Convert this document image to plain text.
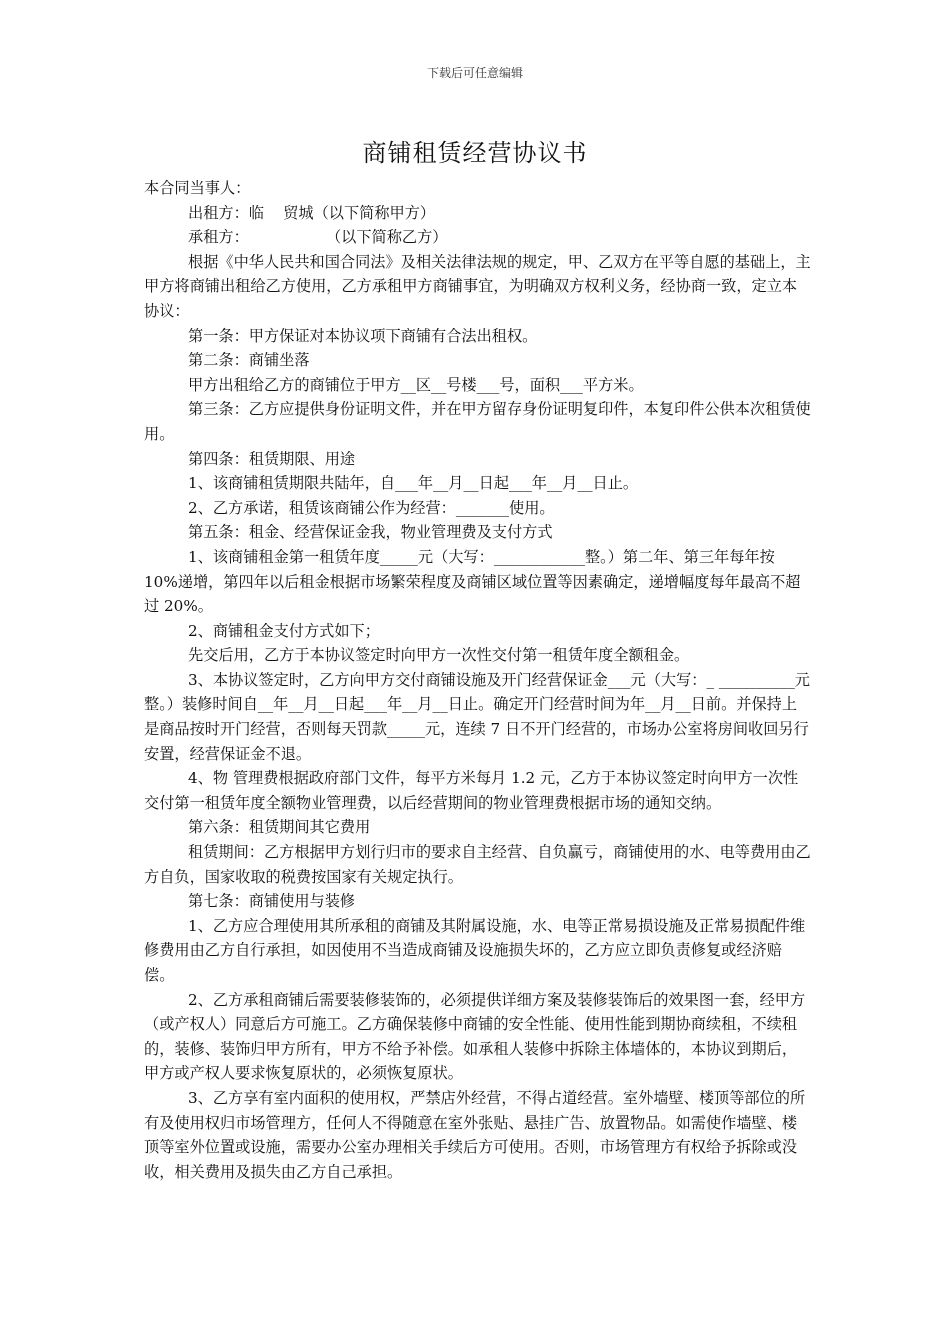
下载后可任意编辑
商铺租赁经营协议书

本合同当事人：

出租方：临    贸城（以下简称甲方）

承租方：                （以下简称乙方）

根据《中华人民共和国合同法》及相关法律法规的规定，甲、乙双方在平等自愿的基础上，主甲方将商铺出租给乙方使用，乙方承租甲方商铺事宜，为明确双方权利义务，经协商一致，定立本协议：

第一条：甲方保证对本协议项下商铺有合法出租权。

第二条：商铺坐落

甲方出租给乙方的商铺位于甲方__区__号楼___号，面积___平方米。

第三条：乙方应提供身份证明文件，并在甲方留存身份证明复印件，本复印件公供本次租赁使用。

第四条：租赁期限、用途

1、该商铺租赁期限共陆年，自___年__月__日起___年__月__日止。

2、乙方承诺，租赁该商铺公作为经营：_______使用。

第五条：租金、经营保证金我，物业管理费及支付方式

1、该商铺租金第一租赁年度_____元（大写：____________整。）第二年、第三年每年按 10%递增，第四年以后租金根据市场繁荣程度及商铺区域位置等因素确定，递增幅度每年最高不超过 20%。

2、商铺租金支付方式如下；

先交后用，乙方于本协议签定时向甲方一次性交付第一租赁年度全额租金。

3、本协议签定时，乙方向甲方交付商铺设施及开门经营保证金___元（大写：_ __________元整。）装修时间自__年__月__日起___年__月__日止。确定开门经营时间为年__月__日前。并保持上是商品按时开门经营，否则每天罚款_____元，连续 7 日不开门经营的，市场办公室将房间收回另行安置，经营保证金不退。

4、物 管理费根据政府部门文件，每平方米每月 1.2 元，乙方于本协议签定时向甲方一次性交付第一租赁年度全额物业管理费，以后经营期间的物业管理费根据市场的通知交纳。

第六条：租赁期间其它费用

租赁期间：乙方根据甲方划行归市的要求自主经营、自负赢亏，商铺使用的水、电等费用由乙方自负，国家收取的税费按国家有关规定执行。

第七条：商铺使用与装修

1、乙方应合理使用其所承租的商铺及其附属设施，水、电等正常易损设施及正常易损配件维修费用由乙方自行承担，如因使用不当造成商铺及设施损失坏的，乙方应立即负责修复或经济赔偿。

2、乙方承租商铺后需要装修装饰的，必须提供详细方案及装修装饰后的效果图一套，经甲方（或产权人）同意后方可施工。乙方确保装修中商铺的安全性能、使用性能到期协商续租，不续租的，装修、装饰归甲方所有，甲方不给予补偿。如承租人装修中拆除主体墙体的，本协议到期后，甲方或产权人要求恢复原状的，必须恢复原状。

3、乙方享有室内面积的使用权，严禁店外经营，不得占道经营。室外墙壁、楼顶等部位的所有及使用权归市场管理方，任何人不得随意在室外张贴、悬挂广告、放置物品。如需使作墙壁、楼顶等室外位置或设施，需要办公室办理相关手续后方可使用。否则，市场管理方有权给予拆除或没收，相关费用及损失由乙方自己承担。
